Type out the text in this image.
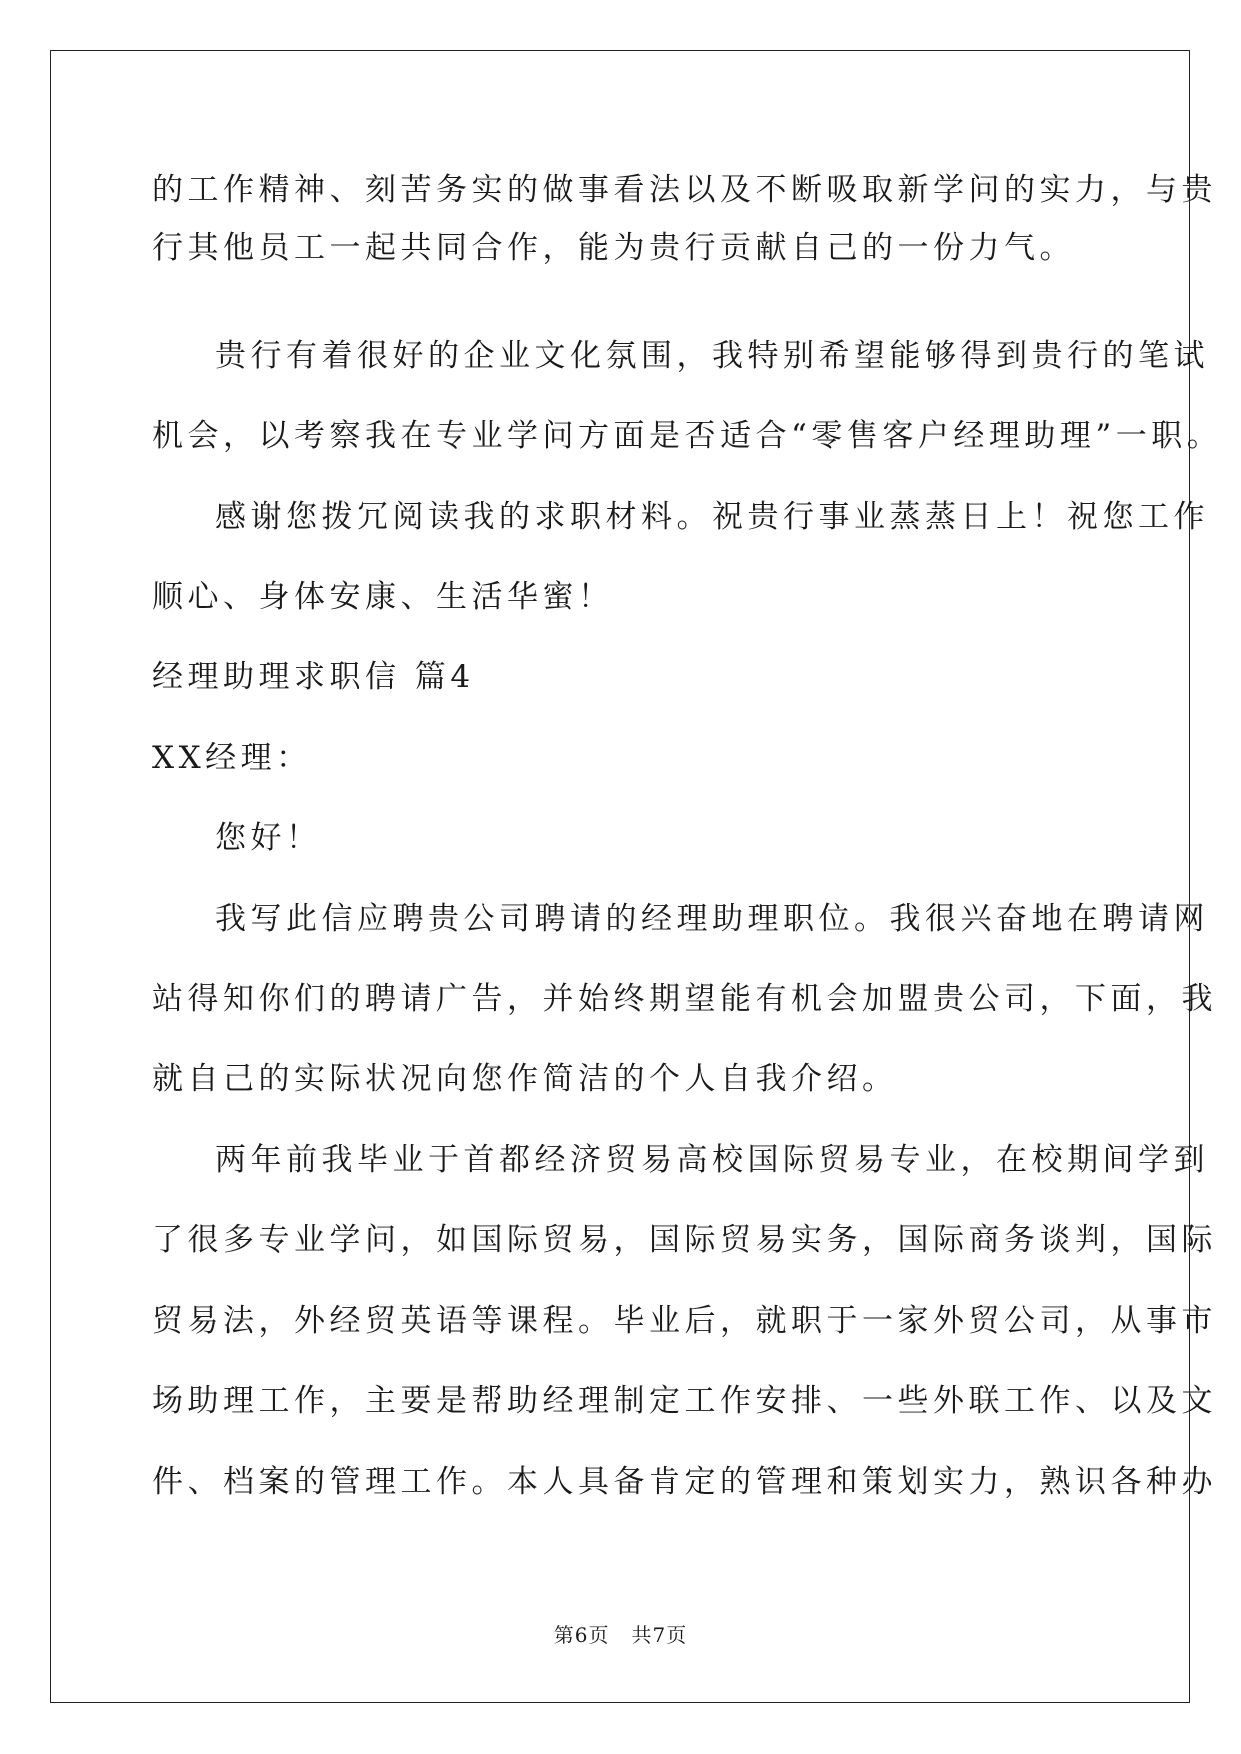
的工作精神、刻苦务实的做事看法以及不断吸取新学问的实力，与贵
行其他员工一起共同合作，能为贵行贡献自己的一份力气。
贵行有着很好的企业文化氛围，我特别希望能够得到贵行的笔试
机会，以考察我在专业学问方面是否适合“零售客户经理助理”一职。
感谢您拨冗阅读我的求职材料。祝贵行事业蒸蒸日上！祝您工作
顺心、身体安康、生活华蜜！
经理助理求职信 篇4
XX经理：
您好！
我写此信应聘贵公司聘请的经理助理职位。我很兴奋地在聘请网
站得知你们的聘请广告，并始终期望能有机会加盟贵公司，下面，我
就自己的实际状况向您作简洁的个人自我介绍。
两年前我毕业于首都经济贸易高校国际贸易专业，在校期间学到
了很多专业学问，如国际贸易，国际贸易实务，国际商务谈判，国际
贸易法，外经贸英语等课程。毕业后，就职于一家外贸公司，从事市
场助理工作，主要是帮助经理制定工作安排、一些外联工作、以及文
件、档案的管理工作。本人具备肯定的管理和策划实力，熟识各种办
第6页 共7页
